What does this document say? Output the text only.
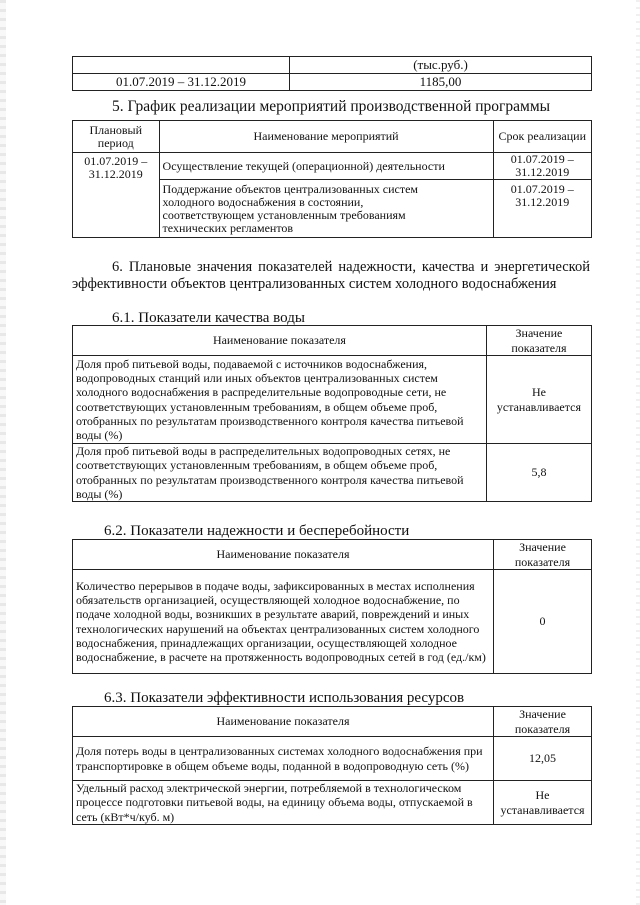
	(тыс.руб.)
01.07.2019 – 31.12.2019	1185,00
5. График реализации мероприятий производственной программы
Плановый период	Наименование мероприятий	Срок реализации
01.07.2019 – 31.12.2019	Осуществление текущей (операционной) деятельности	01.07.2019 – 31.12.2019
	Поддержание объектов централизованных систем холодного водоснабжения в состоянии, соответствующем установленным требованиям технических регламентов	01.07.2019 – 31.12.2019
6. Плановые значения показателей надежности, качества и энергетической эффективности объектов централизованных систем холодного водоснабжения
6.1. Показатели качества воды
Наименование показателя	Значение показателя
Доля проб питьевой воды, подаваемой с источников водоснабжения, водопроводных станций или иных объектов централизованных систем холодного водоснабжения в распределительные водопроводные сети, не соответствующих установленным требованиям, в общем объеме проб, отобранных по результатам производственного контроля качества питьевой воды (%)	Не устанавливается
Доля проб питьевой воды в распределительных водопроводных сетях, не соответствующих установленным требованиям, в общем объеме проб, отобранных по результатам производственного контроля качества питьевой воды (%)	5,8
6.2. Показатели надежности и бесперебойности
Наименование показателя	Значение показателя
Количество перерывов в подаче воды, зафиксированных в местах исполнения обязательств организацией, осуществляющей холодное водоснабжение, по подаче холодной воды, возникших в результате аварий, повреждений и иных технологических нарушений на объектах централизованных систем холодного водоснабжения, принадлежащих организации, осуществляющей холодное водоснабжение, в расчете на протяженность водопроводных сетей в год (ед./км)	0
6.3. Показатели эффективности использования ресурсов
Наименование показателя	Значение показателя
Доля потерь воды в централизованных системах холодного водоснабжения при транспортировке в общем объеме воды, поданной в водопроводную сеть (%)	12,05
Удельный расход электрической энергии, потребляемой в технологическом процессе подготовки питьевой воды, на единицу объема воды, отпускаемой в сеть (кВт*ч/куб. м)	Не устанавливается
